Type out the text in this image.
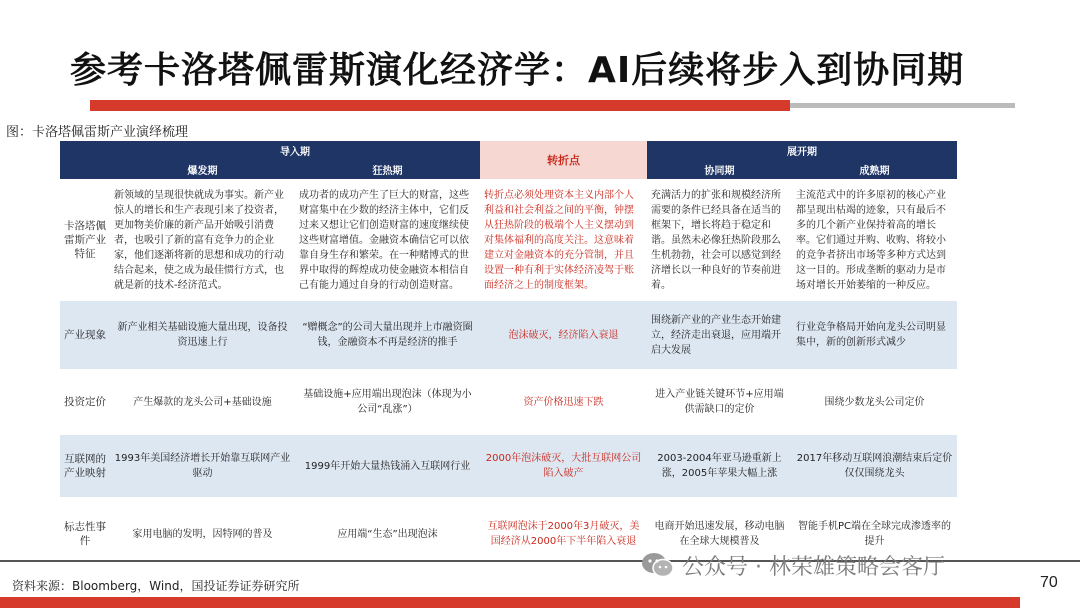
参考卡洛塔佩雷斯演化经济学：AI后续将步入到协同期
图：卡洛塔佩雷斯产业演绎梳理
	导入期		转折点	展开期	
	爆发期	狂热期		协同期	成熟期
卡洛塔佩雷斯产业特征	新领域的呈现很快就成为事实。新产业惊人的增长和生产表现引来了投资者，更加物美价廉的新产品开始吸引消费者，也吸引了新的富有竞争力的企业家，他们逐渐将新的思想和成功的行动结合起来，使之成为最佳惯行方式，也就是新的技术-经济范式。	成功者的成功产生了巨大的财富，这些财富集中在少数的经济主体中，它们反过来又想让它们创造财富的速度继续使这些财富增值。金融资本确信它可以依靠自身生存和繁荣。在一种赌博式的世界中取得的辉煌成功使金融资本相信自己有能力通过自身的行动创造财富。	转折点必须处理资本主义内部个人利益和社会利益之间的平衡，钟摆从狂热阶段的极端个人主义摆动到对集体福利的高度关注。这意味着建立对金融资本的充分管制，并且设置一种有利于实体经济凌驾于账面经济之上的制度框架。	充满活力的扩张和规模经济所需要的条件已经具备在适当的框架下，增长将趋于稳定和谐。虽然未必像狂热阶段那么生机勃勃，社会可以感觉到经济增长以一种良好的节奏前进着。	主流范式中的许多原初的核心产业都呈现出枯竭的迹象，只有最后不多的几个新产业保持着高的增长率。它们通过并购、收购、将较小的竞争者挤出市场等多种方式达到这一目的。形成垄断的驱动力是市场对增长开始萎缩的一种反应。
产业现象	新产业相关基础设施大量出现，设备投资迅速上行	“赠概念”的公司大量出现并上市融资圈钱，金融资本不再是经济的推手	泡沫破灭，经济陷入衰退	围绕新产业的产业生态开始建立，经济走出衰退，应用端开启大发展	行业竞争格局开始向龙头公司明显集中，新的创新形式减少
投资定价	产生爆款的龙头公司+基础设施	基础设施+应用端出现泡沫（体现为小公司“乱涨”）	资产价格迅速下跌	进入产业链关键环节+应用端供需缺口的定价	围绕少数龙头公司定价
互联网的产业映射	1993年美国经济增长开始靠互联网产业驱动	1999年开始大量热钱涌入互联网行业	2000年泡沫破灭，大批互联网公司陷入破产	2003-2004年亚马逊重新上涨，2005年苹果大幅上涨	2017年移动互联网浪潮结束后定价仅仅围绕龙头
标志性事件	家用电脑的发明，因特网的普及	应用端“生态”出现泡沫	互联网泡沫于2000年3月破灭，美国经济从2000年下半年陷入衰退	电商开始迅速发展，移动电脑在全球大规模普及	智能手机PC端在全球完成渗透率的提升
资料来源：Bloomberg，Wind，国投证券证券研究所
公众号 · 林荣雄策略会客厅
70
